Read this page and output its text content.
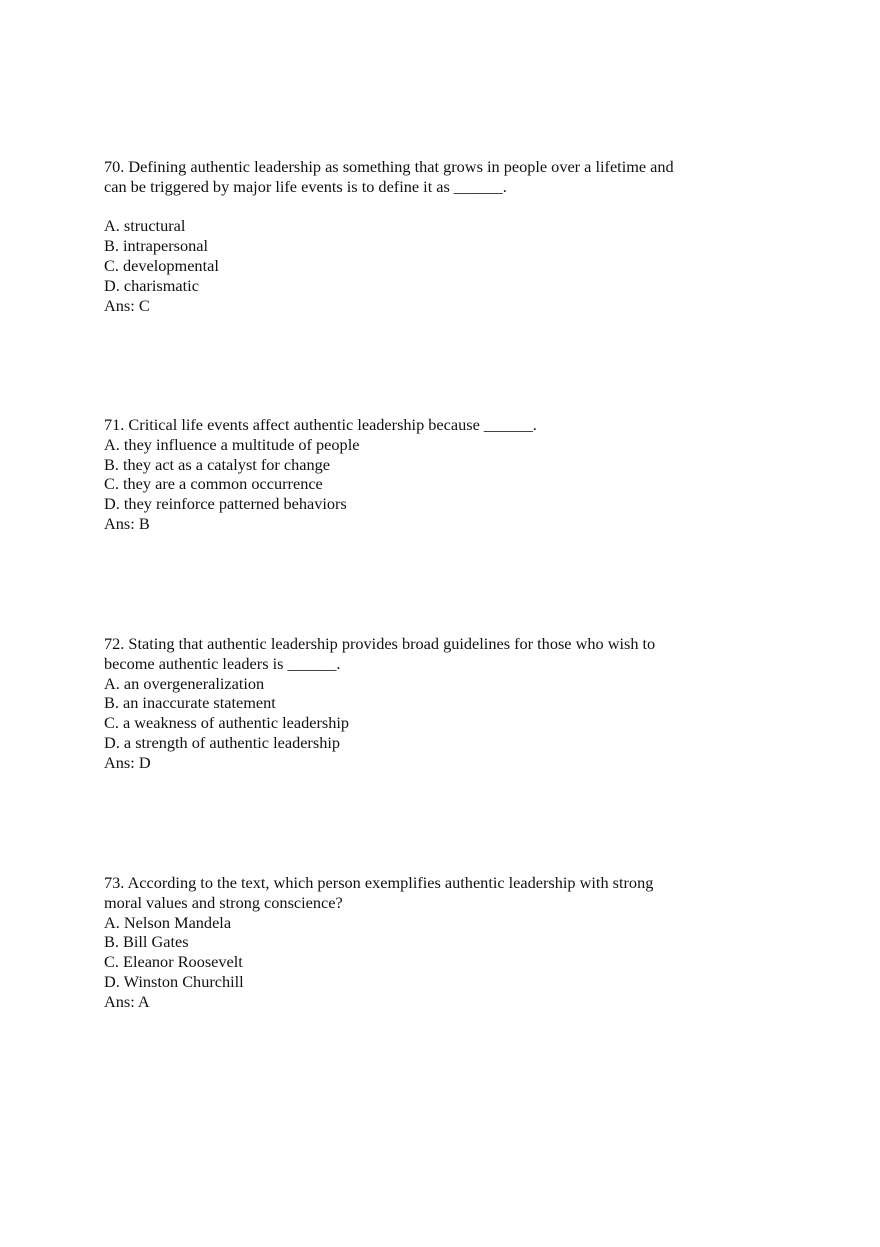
70. Defining authentic leadership as something that grows in people over a lifetime and

can be triggered by major life events is to define it as ______.

A. structural

B. intrapersonal

C. developmental

D. charismatic

Ans: C

71. Critical life events affect authentic leadership because ______.

A. they influence a multitude of people

B. they act as a catalyst for change

C. they are a common occurrence

D. they reinforce patterned behaviors

Ans: B

72. Stating that authentic leadership provides broad guidelines for those who wish to

become authentic leaders is ______.

A. an overgeneralization

B. an inaccurate statement

C. a weakness of authentic leadership

D. a strength of authentic leadership

Ans: D

73. According to the text, which person exemplifies authentic leadership with strong

moral values and strong conscience?

A. Nelson Mandela

B. Bill Gates

C. Eleanor Roosevelt

D. Winston Churchill

Ans: A
